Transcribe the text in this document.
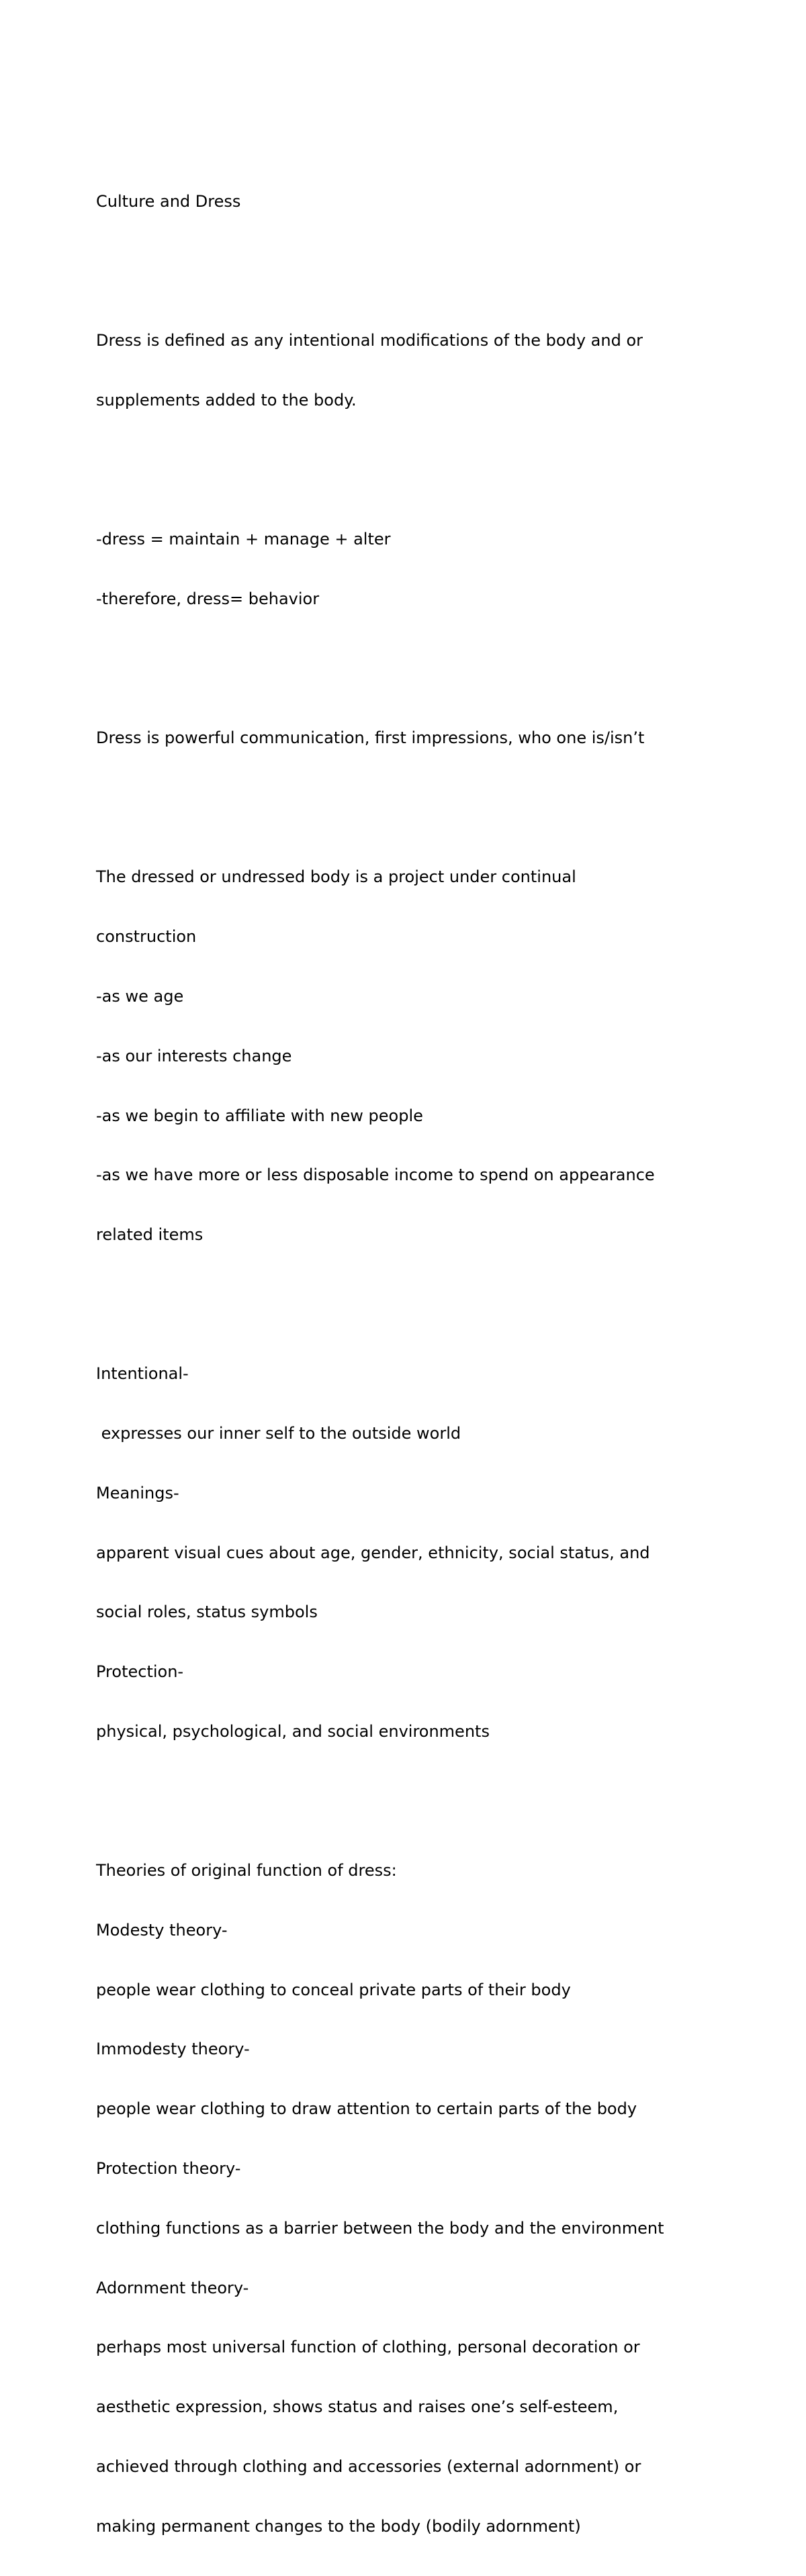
Culture and Dress

Dress is defined as any intentional modifications of the body and or

supplements added to the body.

-dress = maintain + manage + alter

-therefore, dress= behavior

Dress is powerful communication, first impressions, who one is/isn’t

The dressed or undressed body is a project under continual

construction

-as we age

-as our interests change

-as we begin to affiliate with new people

-as we have more or less disposable income to spend on appearance

related items

Intentional-

expresses our inner self to the outside world

Meanings-

apparent visual cues about age, gender, ethnicity, social status, and

social roles, status symbols

Protection-

physical, psychological, and social environments

Theories of original function of dress:

Modesty theory-

people wear clothing to conceal private parts of their body

Immodesty theory-

people wear clothing to draw attention to certain parts of the body

Protection theory-

clothing functions as a barrier between the body and the environment

Adornment theory-

perhaps most universal function of clothing, personal decoration or

aesthetic expression, shows status and raises one’s self-esteem,

achieved through clothing and accessories (external adornment) or

making permanent changes to the body (bodily adornment)
